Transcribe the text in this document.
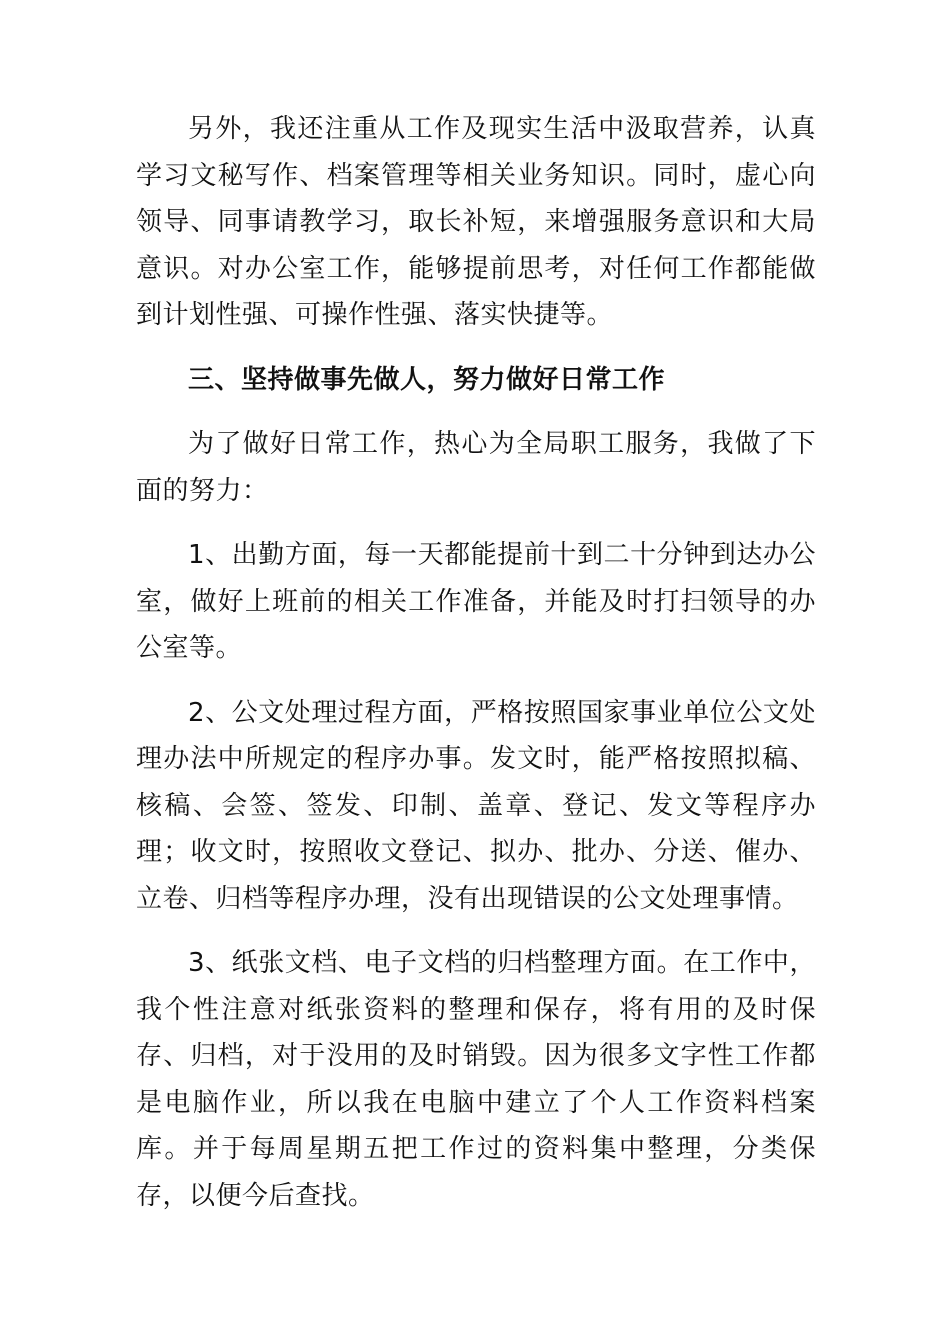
另外，我还注重从工作及现实生活中汲取营养，认真学习文秘写作、档案管理等相关业务知识。同时，虚心向领导、同事请教学习，取长补短，来增强服务意识和大局意识。对办公室工作，能够提前思考，对任何工作都能做到计划性强、可操作性强、落实快捷等。

三、坚持做事先做人，努力做好日常工作

为了做好日常工作，热心为全局职工服务，我做了下面的努力：

1、出勤方面，每一天都能提前十到二十分钟到达办公室，做好上班前的相关工作准备，并能及时打扫领导的办公室等。

2、公文处理过程方面，严格按照国家事业单位公文处理办法中所规定的程序办事。发文时，能严格按照拟稿、核稿、会签、签发、印制、盖章、登记、发文等程序办理；收文时，按照收文登记、拟办、批办、分送、催办、立卷、归档等程序办理，没有出现错误的公文处理事情。

3、纸张文档、电子文档的归档整理方面。在工作中，我个性注意对纸张资料的整理和保存，将有用的及时保存、归档，对于没用的及时销毁。因为很多文字性工作都是电脑作业，所以我在电脑中建立了个人工作资料档案库。并于每周星期五把工作过的资料集中整理，分类保存，以便今后查找。
